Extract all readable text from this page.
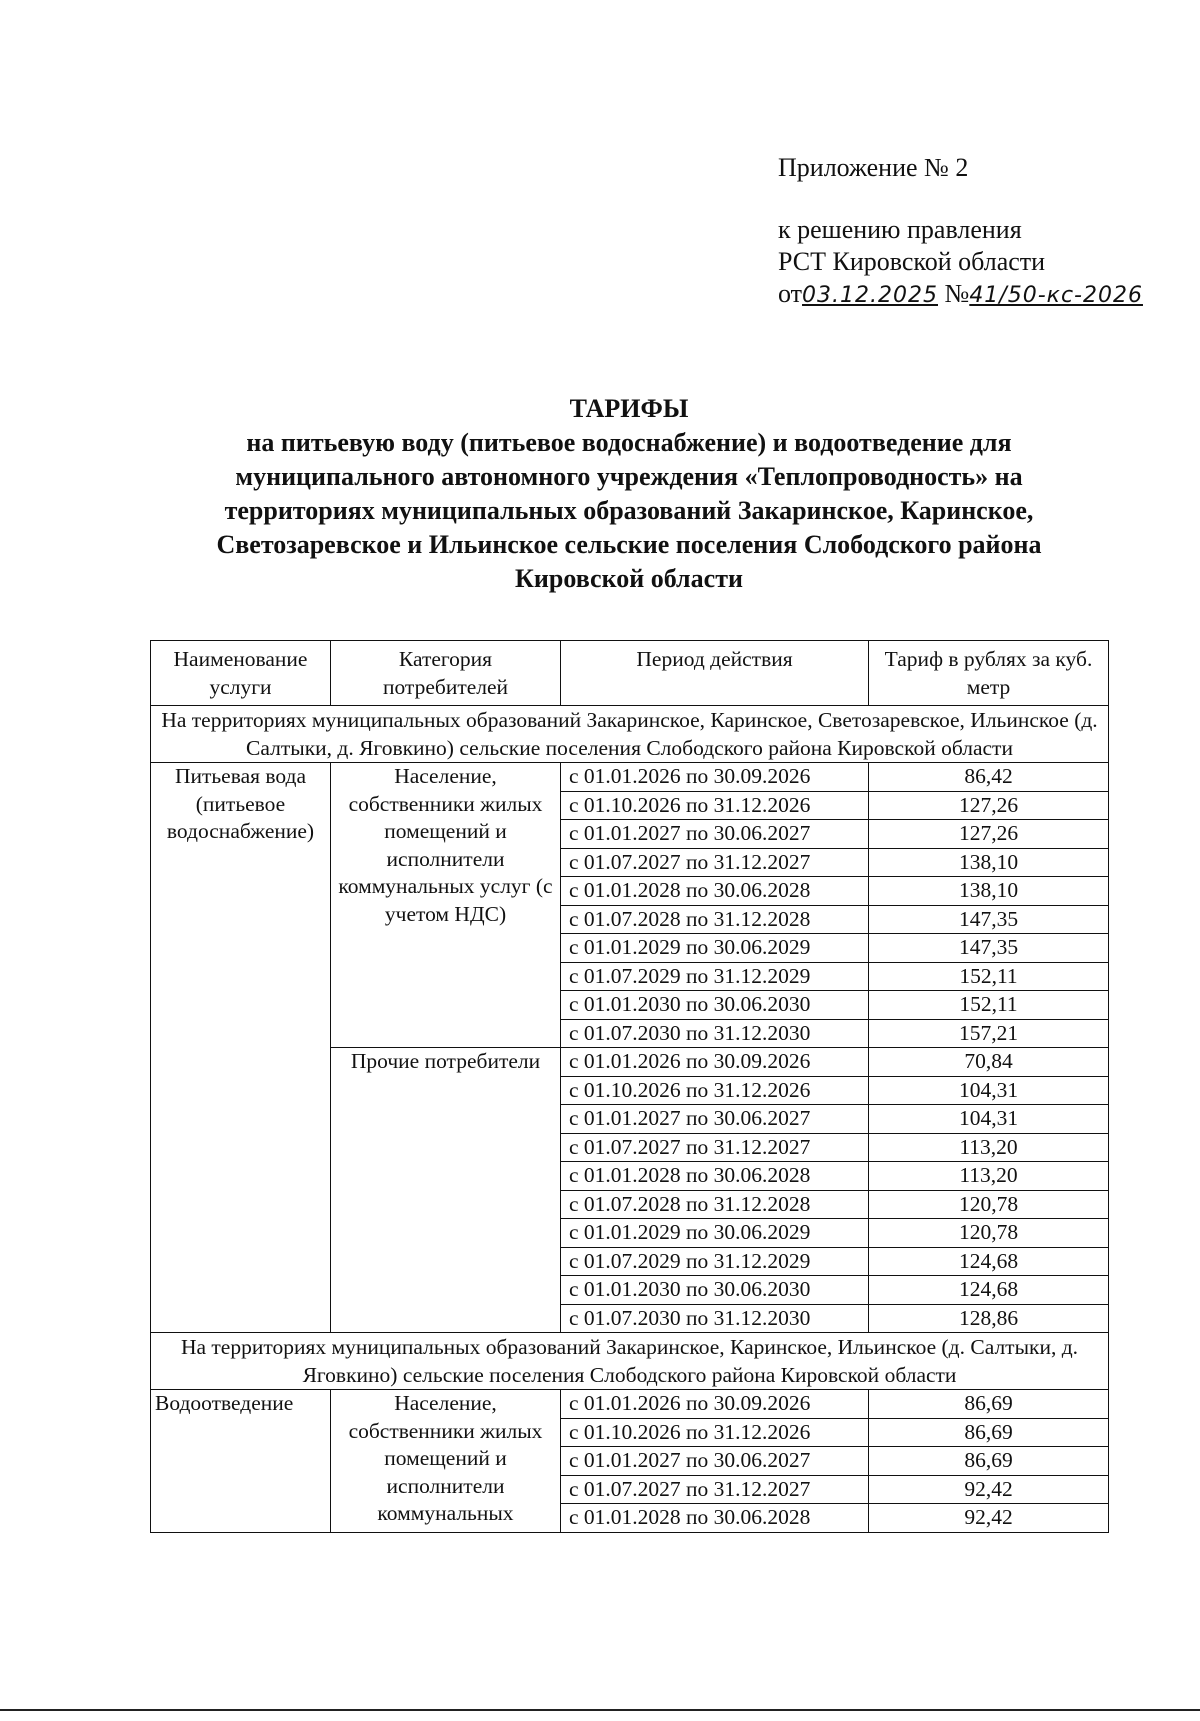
Приложение № 2
к решению правления
РСТ Кировской области
от03.12.2025 №41/50-кс-2026
ТАРИФЫ
на питьевую воду (питьевое водоснабжение) и водоотведение для
муниципального автономного учреждения «Теплопроводность» на
территориях муниципальных образований Закаринское, Каринское,
Светозаревское и Ильинское сельские поселения Слободского района
Кировской области
Наименование услуги	Категория потребителей	Период действия	Тариф в рублях за куб. метр
На территориях муниципальных образований Закаринское, Каринское, Светозаревское, Ильинское (д. Салтыки, д. Яговкино) сельские поселения Слободского района Кировской области			
Питьевая вода (питьевое водоснабжение)	Население, собственники жилых помещений и исполнители коммунальных услуг (с учетом НДС)	с 01.01.2026 по 30.09.2026	86,42
		с 01.10.2026 по 31.12.2026	127,26
		с 01.01.2027 по 30.06.2027	127,26
		с 01.07.2027 по 31.12.2027	138,10
		с 01.01.2028 по 30.06.2028	138,10
		с 01.07.2028 по 31.12.2028	147,35
		с 01.01.2029 по 30.06.2029	147,35
		с 01.07.2029 по 31.12.2029	152,11
		с 01.01.2030 по 30.06.2030	152,11
		с 01.07.2030 по 31.12.2030	157,21
	Прочие потребители	с 01.01.2026 по 30.09.2026	70,84
		с 01.10.2026 по 31.12.2026	104,31
		с 01.01.2027 по 30.06.2027	104,31
		с 01.07.2027 по 31.12.2027	113,20
		с 01.01.2028 по 30.06.2028	113,20
		с 01.07.2028 по 31.12.2028	120,78
		с 01.01.2029 по 30.06.2029	120,78
		с 01.07.2029 по 31.12.2029	124,68
		с 01.01.2030 по 30.06.2030	124,68
		с 01.07.2030 по 31.12.2030	128,86
На территориях муниципальных образований Закаринское, Каринское, Ильинское (д. Салтыки, д. Яговкино) сельские поселения Слободского района Кировской области			
Водоотведение	Население, собственники жилых помещений и исполнители коммунальных	с 01.01.2026 по 30.09.2026	86,69
		с 01.10.2026 по 31.12.2026	86,69
		с 01.01.2027 по 30.06.2027	86,69
		с 01.07.2027 по 31.12.2027	92,42
		с 01.01.2028 по 30.06.2028	92,42
